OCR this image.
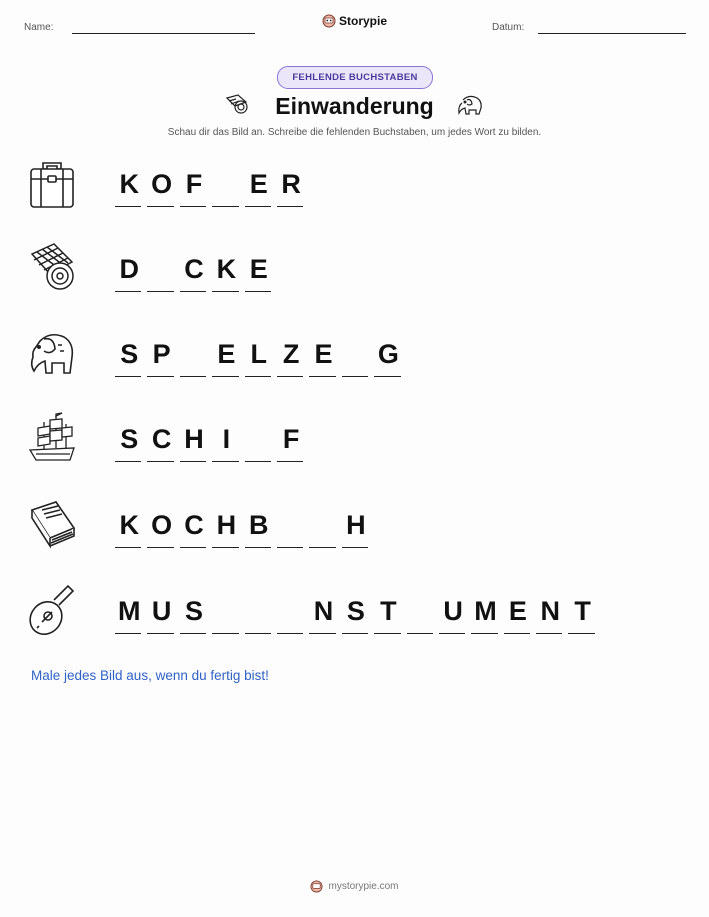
Name:	Storypie	Datum:
FEHLENDE BUCHSTABEN
Einwanderung
Schau dir das Bild an. Schreibe die fehlenden Buchstaben, um jedes Wort zu bilden.
K O F E R
D C K E
S P E L Z E G
S C H I	F
K O C H B	H
M U S	N S T U M E N T
Male jedes Bild aus, wenn du fertig bist!
mystorypie.com
